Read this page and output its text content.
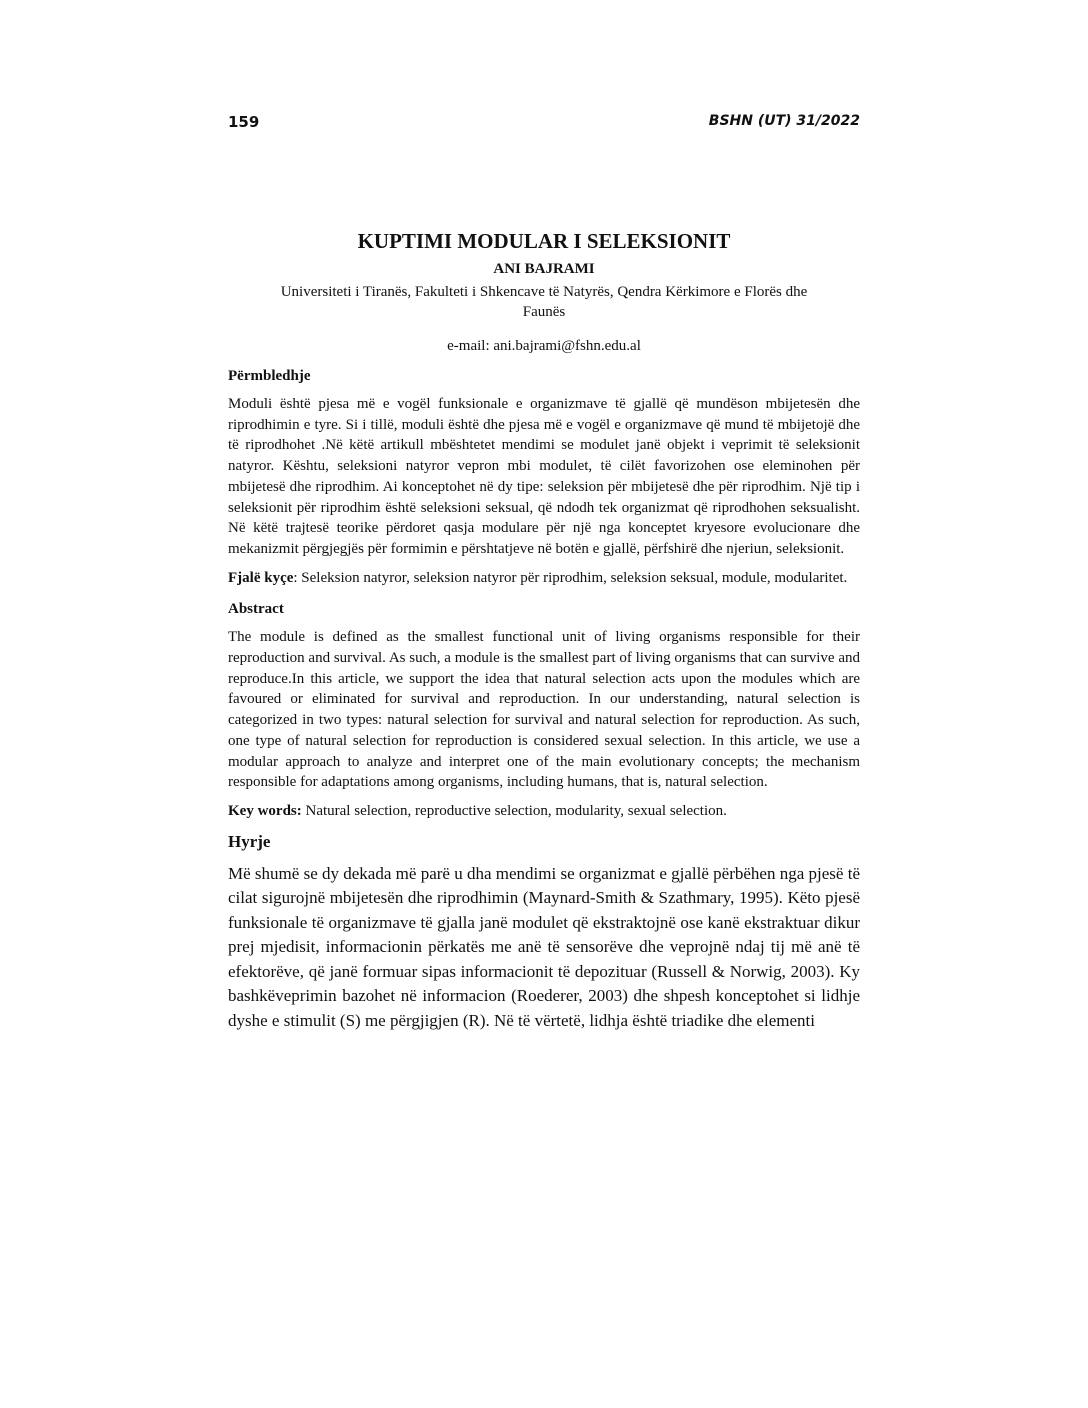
159	BSHN (UT) 31/2022
KUPTIMI MODULAR I SELEKSIONIT

ANI BAJRAMI

Universiteti i Tiranës, Fakulteti i Shkencave të Natyrës, Qendra Kërkimore e Florës dhe Faunës

e-mail: ani.bajrami@fshn.edu.al

Përmbledhje

Moduli është pjesa më e vogël funksionale e organizmave të gjallë që mundëson mbijetesën dhe riprodhimin e tyre. Si i tillë, moduli është dhe pjesa më e vogël e organizmave që mund të mbijetojë dhe të riprodhohet .Në këtë artikull mbështetet mendimi se modulet janë objekt i veprimit të seleksionit natyror. Kështu, seleksioni natyror vepron mbi modulet, të cilët favorizohen ose eleminohen për mbijetesë dhe riprodhim. Ai konceptohet në dy tipe: seleksion për mbijetesë dhe për riprodhim. Një tip i seleksionit për riprodhim është seleksioni seksual, që ndodh tek organizmat që riprodhohen seksualisht. Në këtë trajtesë teorike përdoret qasja modulare për një nga konceptet kryesore evolucionare dhe mekanizmit përgjegjës për formimin e përshtatjeve në botën e gjallë, përfshirë dhe njeriun, seleksionit.

Fjalë kyçe: Seleksion natyror, seleksion natyror për riprodhim, seleksion seksual, module, modularitet.

Abstract

The module is defined as the smallest functional unit of living organisms responsible for their reproduction and survival. As such, a module is the smallest part of living organisms that can survive and reproduce.In this article, we support the idea that natural selection acts upon the modules which are favoured or eliminated for survival and reproduction. In our understanding, natural selection is categorized in two types: natural selection for survival and natural selection for reproduction. As such, one type of natural selection for reproduction is considered sexual selection. In this article, we use a modular approach to analyze and interpret one of the main evolutionary concepts; the mechanism responsible for adaptations among organisms, including humans, that is, natural selection.

Key words: Natural selection, reproductive selection, modularity, sexual selection.

Hyrje

Më shumë se dy dekada më parë u dha mendimi se organizmat e gjallë përbëhen nga pjesë të cilat sigurojnë mbijetesën dhe riprodhimin (Maynard-Smith & Szathmary, 1995). Këto pjesë funksionale të organizmave të gjalla janë modulet që ekstraktojnë ose kanë ekstraktuar dikur prej mjedisit, informacionin përkatës me anë të sensorëve dhe veprojnë ndaj tij më anë të efektorëve, që janë formuar sipas informacionit të depozituar (Russell & Norwig, 2003). Ky bashkëveprimin bazohet në informacion (Roederer, 2003) dhe shpesh konceptohet si lidhje dyshe e stimulit (S) me përgjigjen (R). Në të vërtetë, lidhja është triadike dhe elementi
